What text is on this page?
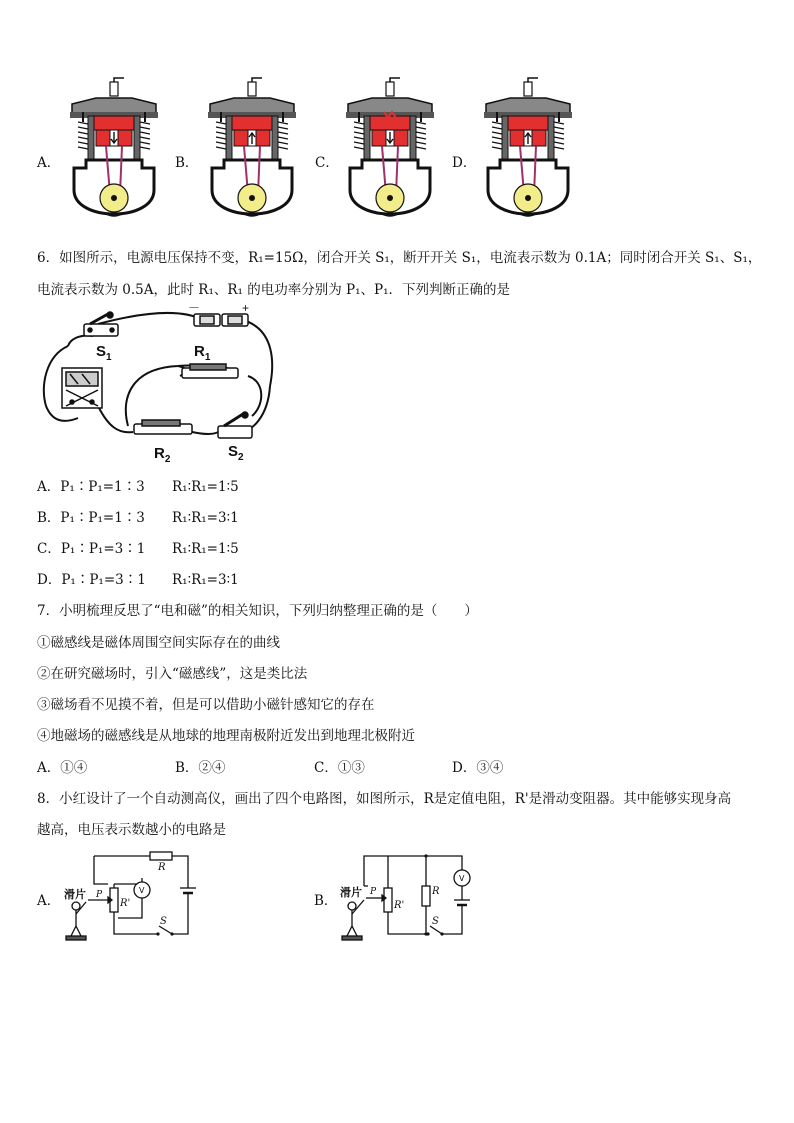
A．	B．	C．	D．
6．如图所示，电源电压保持不变，R₁=15Ω，闭合开关 S₁，断开开关 S₁，电流表示数为 0.1A；同时闭合开关 S₁、S₁，
电流表示数为 0.5A，此时 R₁、R₁ 的电功率分别为 P₁、P₁．下列判断正确的是
$S_1$	$R_1$
$R_2$	$S_2$
－	+
A．P₁∶P₁=1∶3 R₁∶R₁=1∶5
B．P₁∶P₁=1∶3 R₁∶R₁=3∶1
C．P₁∶P₁=3∶1 R₁∶R₁=1∶5
D．P₁∶P₁=3∶1 R₁∶R₁=3∶1
7．小明梳理反思了“电和磁”的相关知识，下列归纳整理正确的是（　　）
①磁感线是磁体周围空间实际存在的曲线
②在研究磁场时，引入“磁感线”，这是类比法
③磁场看不见摸不着，但是可以借助小磁针感知它的存在
④地磁场的磁感线是从地球的地理南极附近发出到地理北极附近
A．①④	B．②④	C．①③	D．③④
8．小红设计了一个自动测高仪，画出了四个电路图，如图所示，R是定值电阻，R'是滑动变阻器。其中能够实现身高
越高，电压表示数越小的电路是
A．	B．
滑片 P
R
R'
V
S
滑片 P	R
R'
V
S
